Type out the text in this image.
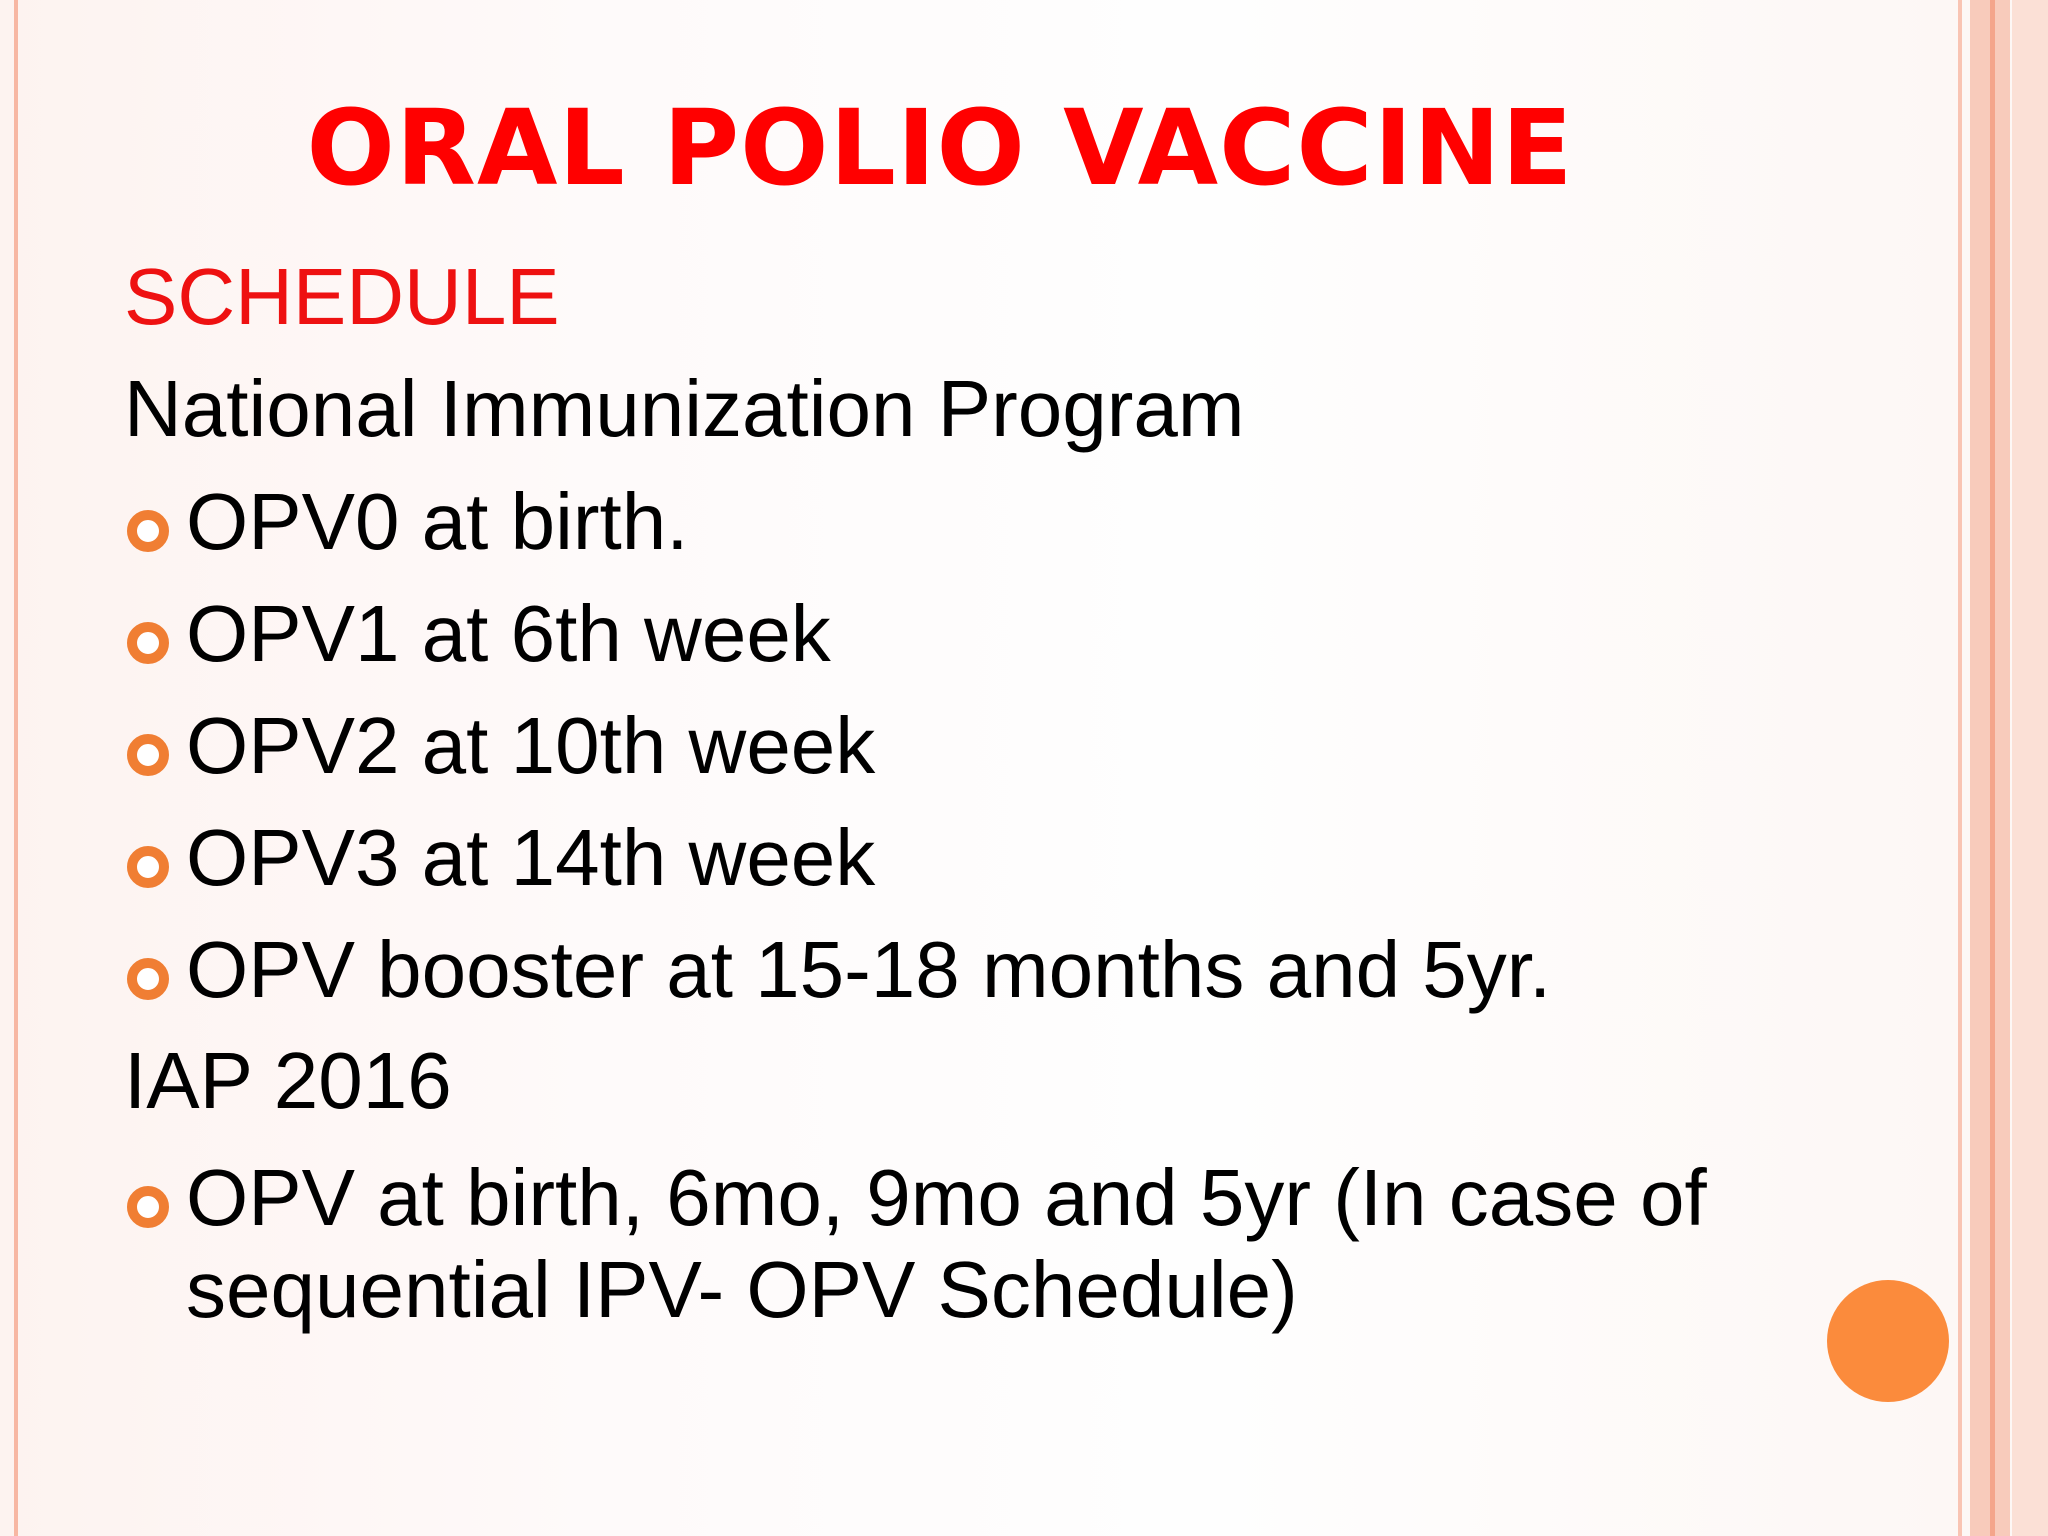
ORAL POLIO VACCINE

SCHEDULE

National Immunization Program

OPV0 at birth.
OPV1 at 6th week
OPV2 at 10th week
OPV3 at 14th week
OPV booster at 15-18 months and 5yr.

IAP 2016

OPV at birth, 6mo, 9mo and 5yr (In case of sequential IPV- OPV Schedule)
